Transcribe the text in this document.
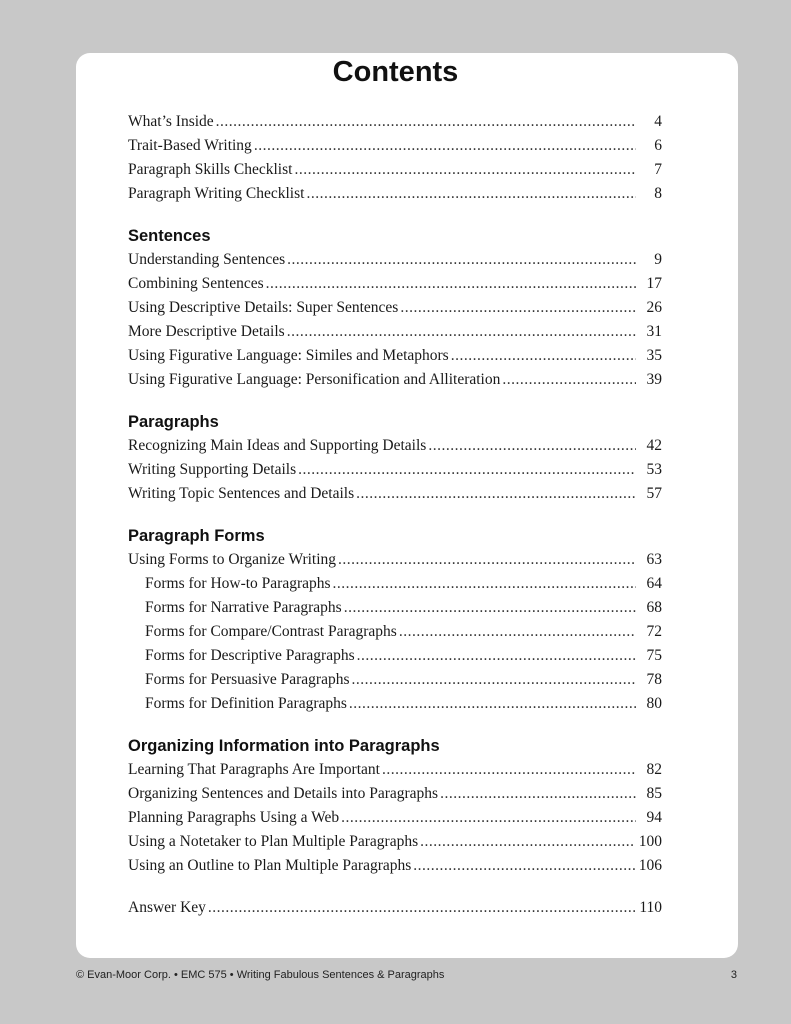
Contents
What’s Inside .....	4
Trait-Based Writing .....	6
Paragraph Skills Checklist .....	7
Paragraph Writing Checklist .....	8
Sentences
Understanding Sentences .....	9
Combining Sentences .....	17
Using Descriptive Details: Super Sentences .....	26
More Descriptive Details .....	31
Using Figurative Language: Similes and Metaphors .....	35
Using Figurative Language: Personification and Alliteration .....	39
Paragraphs
Recognizing Main Ideas and Supporting Details .....	42
Writing Supporting Details .....	53
Writing Topic Sentences and Details .....	57
Paragraph Forms
Using Forms to Organize Writing .....	63
Forms for How-to Paragraphs .....	64
Forms for Narrative Paragraphs .....	68
Forms for Compare/Contrast Paragraphs .....	72
Forms for Descriptive Paragraphs .....	75
Forms for Persuasive Paragraphs .....	78
Forms for Definition Paragraphs .....	80
Organizing Information into Paragraphs
Learning That Paragraphs Are Important .....	82
Organizing Sentences and Details into Paragraphs .....	85
Planning Paragraphs Using a Web .....	94
Using a Notetaker to Plan Multiple Paragraphs .....	100
Using an Outline to Plan Multiple Paragraphs .....	106
Answer Key .....	110
© Evan-Moor Corp. • EMC 575 • Writing Fabulous Sentences & Paragraphs	3
